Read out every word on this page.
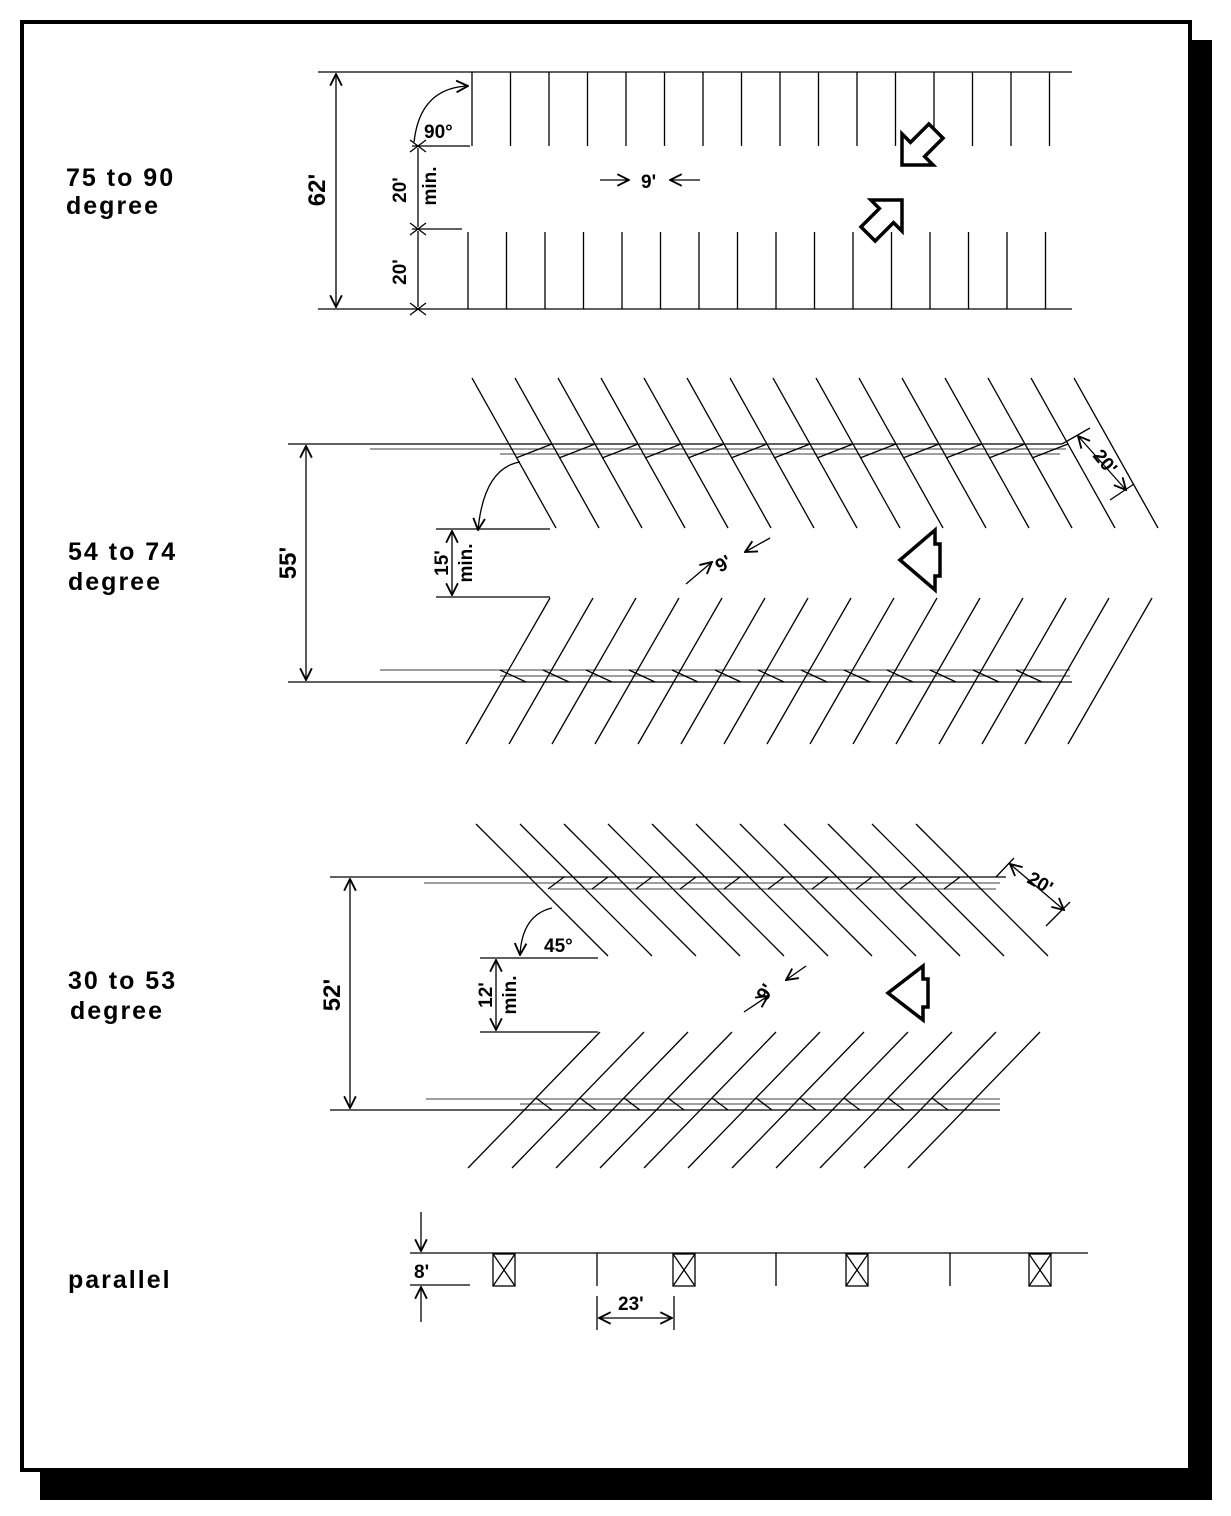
75 to 90
degree	62'	20' min.
20'
90°
9'
54 to 74
degree
55'	15' min.	9'
20'
30 to 53
degree	52'	12' min.
45°
9'
20'
parallel	8'
23'
